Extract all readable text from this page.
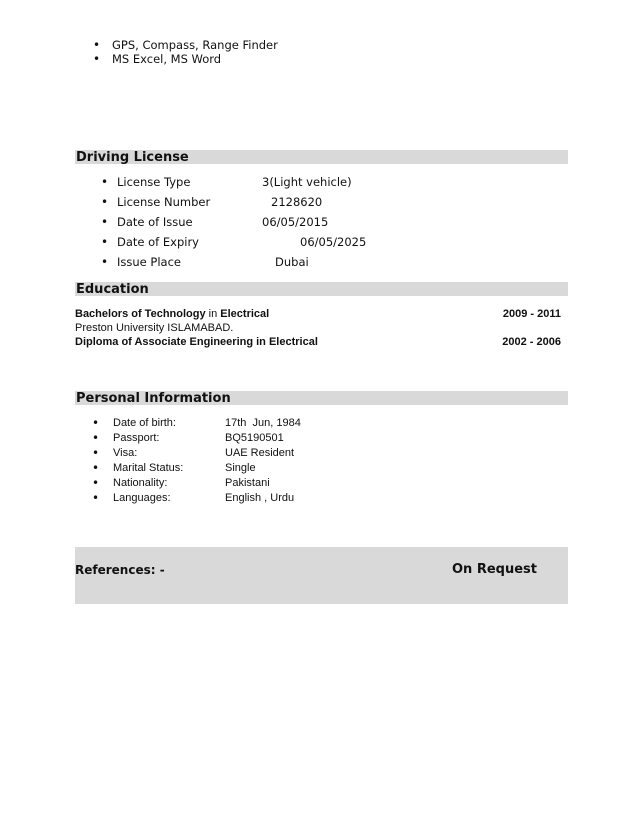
• GPS, Compass, Range Finder
• MS Excel, MS Word
Driving License
• License Type	3(Light vehicle)
• License Number	2128620
• Date of Issue	06/05/2015
• Date of Expiry	06/05/2025
• Issue Place	Dubai
Education
Bachelors of Technology in Electrical	2009 - 2011
Preston University ISLAMABAD.
Diploma of Associate Engineering in Electrical	2002 - 2006
Personal Information
• Date of birth:	17th  Jun, 1984
• Passport:	BQ5190501
• Visa:	UAE Resident
• Marital Status:	Single
• Nationality:	Pakistani
• Languages:	English , Urdu
References: -	On Request
